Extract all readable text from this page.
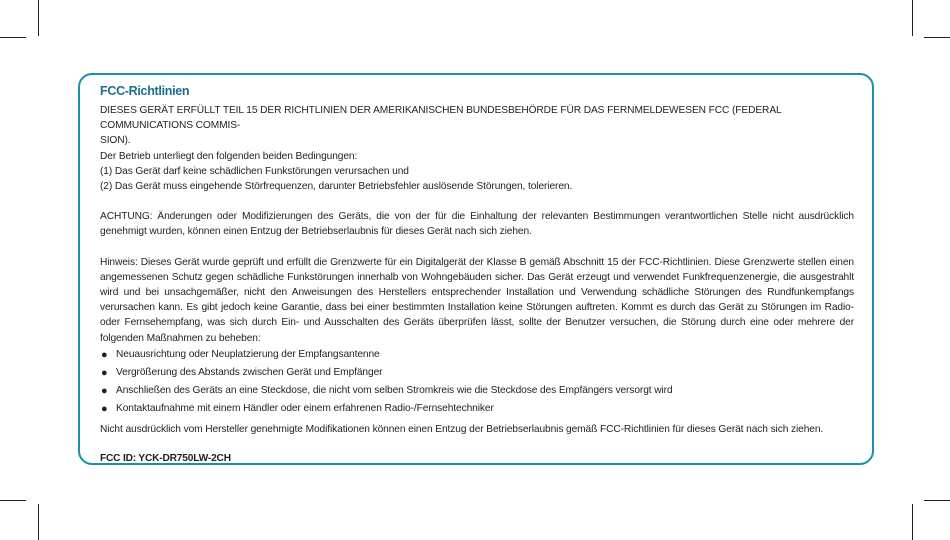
FCC-Richtlinien

DIESES GERÄT ERFÜLLT TEIL 15 DER RICHTLINIEN DER AMERIKANISCHEN BUNDESBEHÖRDE FÜR DAS FERNMELDEWESEN FCC (FEDERAL COMMUNICATIONS COMMIS-

SION).

Der Betrieb unterliegt den folgenden beiden Bedingungen:

(1) Das Gerät darf keine schädlichen Funkstörungen verursachen und

(2) Das Gerät muss eingehende Störfrequenzen, darunter Betriebsfehler auslösende Störungen, tolerieren.

ACHTUNG: Änderungen oder Modifizierungen des Geräts, die von der für die Einhaltung der relevanten Bestimmungen verantwortlichen Stelle nicht ausdrücklich genehmigt wurden, können einen Entzug der Betriebserlaubnis für dieses Gerät nach sich ziehen.

Hinweis: Dieses Gerät wurde geprüft und erfüllt die Grenzwerte für ein Digitalgerät der Klasse B gemäß Abschnitt 15 der FCC-Richtlinien. Diese Grenzwerte stellen einen angemessenen Schutz gegen schädliche Funkstörungen innerhalb von Wohngebäuden sicher. Das Gerät erzeugt und verwendet Funkfrequenzenergie, die ausgestrahlt wird und bei unsachgemäßer, nicht den Anweisungen des Herstellers entsprechender Installation und Verwendung schädliche Störungen des Rundfunkempfangs verursachen kann. Es gibt jedoch keine Garantie, dass bei einer bestimmten Installation keine Störungen auftreten. Kommt es durch das Gerät zu Störungen im Radio- oder Fernsehempfang, was sich durch Ein- und Ausschalten des Geräts überprüfen lässt, sollte der Benutzer versuchen, die Störung durch eine oder mehrere der folgenden Maßnahmen zu beheben:

● Neuausrichtung oder Neuplatzierung der Empfangsantenne
● Vergrößerung des Abstands zwischen Gerät und Empfänger
● Anschließen des Geräts an eine Steckdose, die nicht vom selben Stromkreis wie die Steckdose des Empfängers versorgt wird
● Kontaktaufnahme mit einem Händler oder einem erfahrenen Radio-/Fernsehtechniker

Nicht ausdrücklich vom Hersteller genehmigte Modifikationen können einen Entzug der Betriebserlaubnis gemäß FCC-Richtlinien für dieses Gerät nach sich ziehen.

FCC ID: YCK-DR750LW-2CH
